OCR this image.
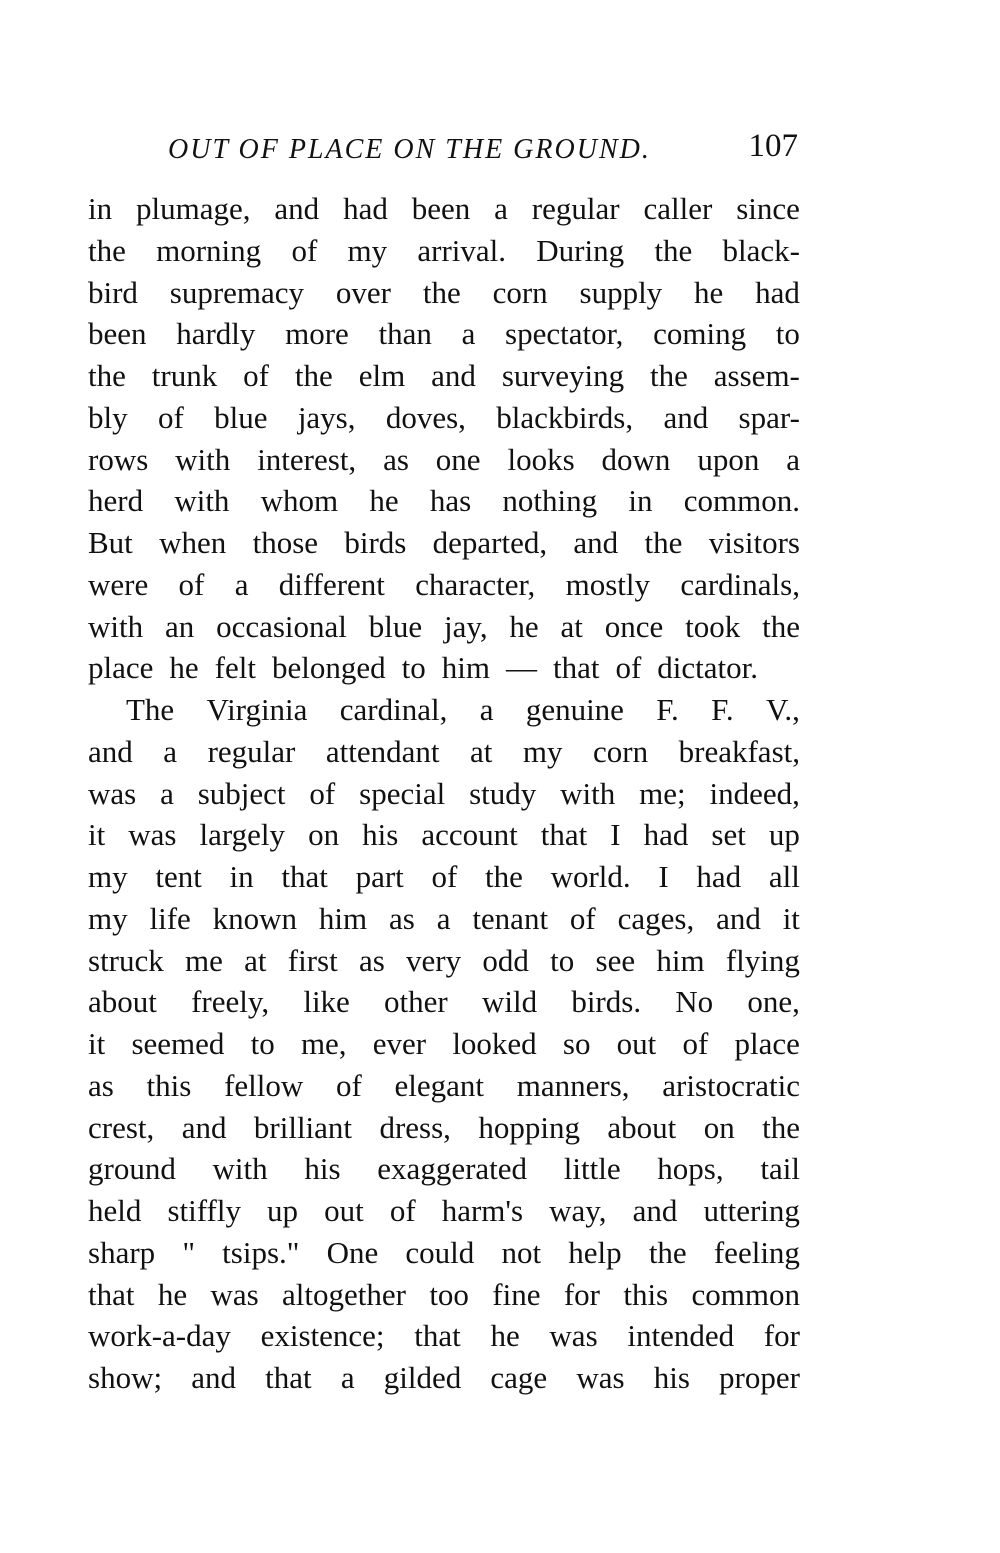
OUT OF PLACE ON THE GROUND.	107
in plumage, and had been a regular caller since
the morning of my arrival. During the black-
bird supremacy over the corn supply he had
been hardly more than a spectator, coming to
the trunk of the elm and surveying the assem-
bly of blue jays, doves, blackbirds, and spar-
rows with interest, as one looks down upon a
herd with whom he has nothing in common.
But when those birds departed, and the visitors
were of a different character, mostly cardinals,
with an occasional blue jay, he at once took the
place he felt belonged to him — that of dictator.
The Virginia cardinal, a genuine F. F. V.,
and a regular attendant at my corn breakfast,
was a subject of special study with me; indeed,
it was largely on his account that I had set up
my tent in that part of the world. I had all
my life known him as a tenant of cages, and it
struck me at first as very odd to see him flying
about freely, like other wild birds. No one,
it seemed to me, ever looked so out of place
as this fellow of elegant manners, aristocratic
crest, and brilliant dress, hopping about on the
ground with his exaggerated little hops, tail
held stiffly up out of harm's way, and uttering
sharp " tsips." One could not help the feeling
that he was altogether too fine for this common
work-a-day existence; that he was intended for
show; and that a gilded cage was his proper
